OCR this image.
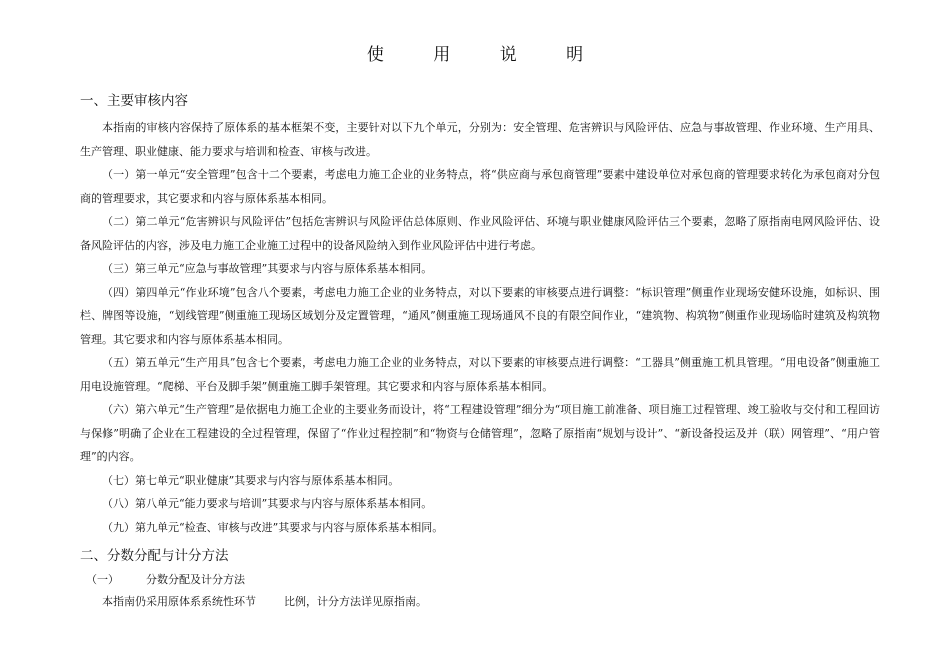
使 用 说 明
一、主要审核内容

本指南的审核内容保持了原体系的基本框架不变，主要针对以下九个单元，分别为：安全管理、危害辨识与风险评估、应急与事故管理、作业环境、生产用具、生产管理、职业健康、能力要求与培训和检查、审核与改进。

（一）第一单元“安全管理”包含十二个要素，考虑电力施工企业的业务特点，将“供应商与承包商管理”要素中建设单位对承包商的管理要求转化为承包商对分包商的管理要求，其它要求和内容与原体系基本相同。

（二）第二单元“危害辨识与风险评估”包括危害辨识与风险评估总体原则、作业风险评估、环境与职业健康风险评估三个要素，忽略了原指南电网风险评估、设备风险评估的内容，涉及电力施工企业施工过程中的设备风险纳入到作业风险评估中进行考虑。

（三）第三单元“应急与事故管理”其要求与内容与原体系基本相同。

（四）第四单元“作业环境”包含八个要素，考虑电力施工企业的业务特点，对以下要素的审核要点进行调整：“标识管理”侧重作业现场安健环设施，如标识、围栏、牌图等设施，“划线管理”侧重施工现场区域划分及定置管理，“通风”侧重施工现场通风不良的有限空间作业，“建筑物、构筑物”侧重作业现场临时建筑及构筑物管理。其它要求和内容与原体系基本相同。

（五）第五单元“生产用具”包含七个要素，考虑电力施工企业的业务特点，对以下要素的审核要点进行调整：“工器具”侧重施工机具管理。“用电设备”侧重施工用电设施管理。“爬梯、平台及脚手架”侧重施工脚手架管理。其它要求和内容与原体系基本相同。

（六）第六单元“生产管理”是依据电力施工企业的主要业务而设计，将“工程建设管理”细分为“项目施工前准备、项目施工过程管理、竣工验收与交付和工程回访与保修”明确了企业在工程建设的全过程管理，保留了“作业过程控制”和“物资与仓储管理”，忽略了原指南“规划与设计”、“新设备投运及并（联）网管理”、“用户管理”的内容。

（七）第七单元“职业健康”其要求与内容与原体系基本相同。

（八）第八单元“能力要求与培训”其要求与内容与原体系基本相同。

（九）第九单元“检查、审核与改进”其要求与内容与原体系基本相同。

二、分数分配与计分方法
（一） 分数分配及计分方法
本指南仍采用原体系系统性环节	比例，计分方法详见原指南。
